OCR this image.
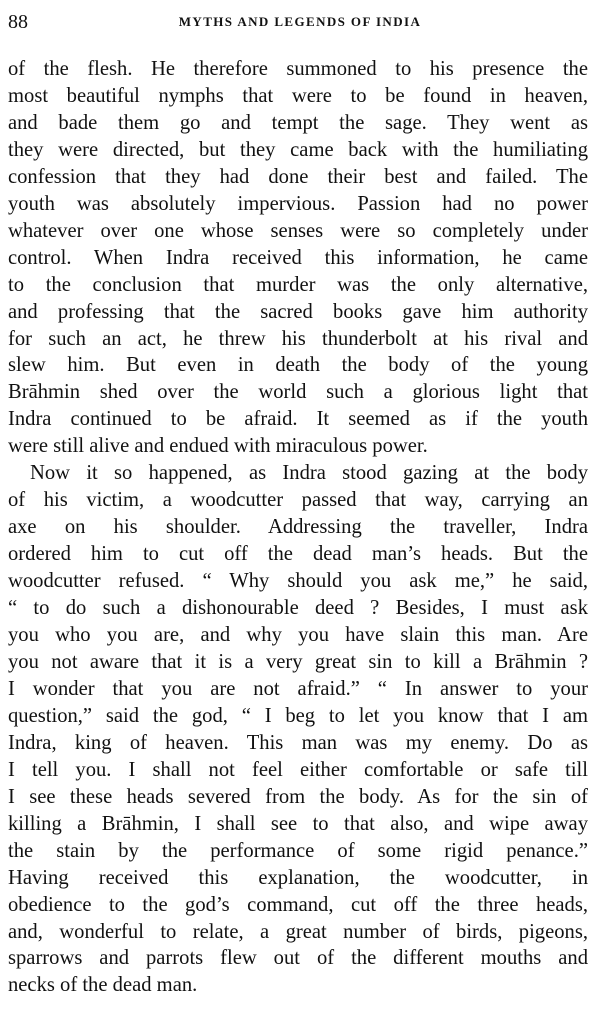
88	MYTHS AND LEGENDS OF INDIA
of the flesh. He therefore summoned to his presence the
most beautiful nymphs that were to be found in heaven,
and bade them go and tempt the sage. They went as
they were directed, but they came back with the humiliating
confession that they had done their best and failed. The
youth was absolutely impervious. Passion had no power
whatever over one whose senses were so completely under
control. When Indra received this information, he came
to the conclusion that murder was the only alternative,
and professing that the sacred books gave him authority
for such an act, he threw his thunderbolt at his rival and
slew him. But even in death the body of the young
Brāhmin shed over the world such a glorious light that
Indra continued to be afraid. It seemed as if the youth
were still alive and endued with miraculous power.
Now it so happened, as Indra stood gazing at the body
of his victim, a woodcutter passed that way, carrying an
axe on his shoulder. Addressing the traveller, Indra
ordered him to cut off the dead man’s heads. But the
woodcutter refused. “ Why should you ask me,” he said,
“ to do such a dishonourable deed ? Besides, I must ask
you who you are, and why you have slain this man. Are
you not aware that it is a very great sin to kill a Brāhmin ?
I wonder that you are not afraid.” “ In answer to your
question,” said the god, “ I beg to let you know that I am
Indra, king of heaven. This man was my enemy. Do as
I tell you. I shall not feel either comfortable or safe till
I see these heads severed from the body. As for the sin of
killing a Brāhmin, I shall see to that also, and wipe away
the stain by the performance of some rigid penance.”
Having received this explanation, the woodcutter, in
obedience to the god’s command, cut off the three heads,
and, wonderful to relate, a great number of birds, pigeons,
sparrows and parrots flew out of the different mouths and
necks of the dead man.
